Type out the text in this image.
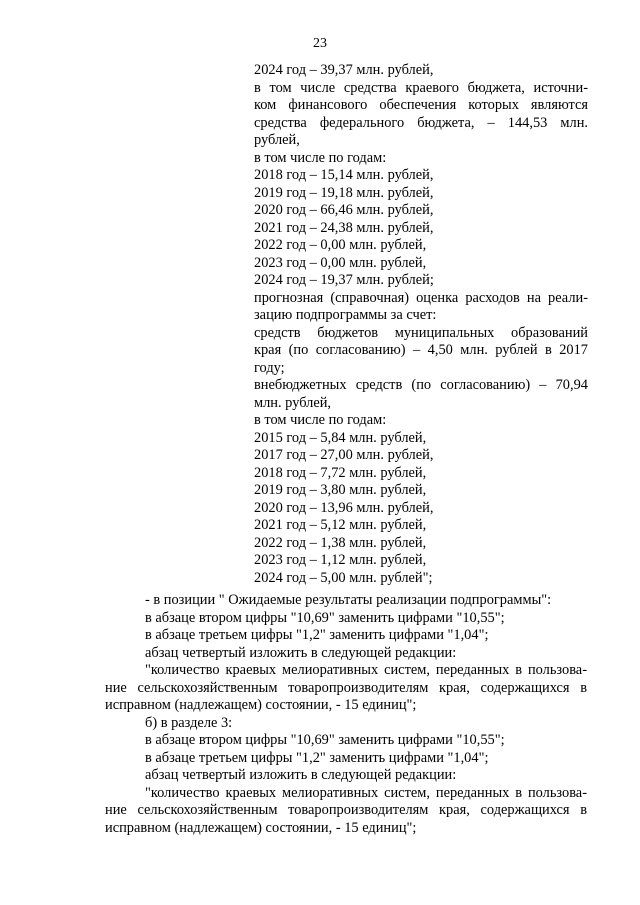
23
2024 год – 39,37 млн. рублей,
в том числе средства краевого бюджета, источни-
ком финансового обеспечения которых являются
средства федерального бюджета, – 144,53 млн.
рублей,
в том числе по годам:
2018 год – 15,14 млн. рублей,
2019 год – 19,18 млн. рублей,
2020 год – 66,46 млн. рублей,
2021 год – 24,38 млн. рублей,
2022 год – 0,00 млн. рублей,
2023 год – 0,00 млн. рублей,
2024 год – 19,37 млн. рублей;
прогнозная (справочная) оценка расходов на реали-
зацию подпрограммы за счет:
средств бюджетов муниципальных образований
края (по согласованию) – 4,50 млн. рублей в 2017
году;
внебюджетных средств (по согласованию) – 70,94
млн. рублей,
в том числе по годам:
2015 год – 5,84 млн. рублей,
2017 год – 27,00 млн. рублей,
2018 год – 7,72 млн. рублей,
2019 год – 3,80 млн. рублей,
2020 год – 13,96 млн. рублей,
2021 год – 5,12 млн. рублей,
2022 год – 1,38 млн. рублей,
2023 год – 1,12 млн. рублей,
2024 год – 5,00 млн. рублей";
- в позиции " Ожидаемые результаты реализации подпрограммы":
в абзаце втором цифры "10,69" заменить цифрами "10,55";
в абзаце третьем цифры "1,2" заменить цифрами "1,04";
абзац четвертый изложить в следующей редакции:
"количество краевых мелиоративных систем, переданных в пользова-
ние сельскохозяйственным товаропроизводителям края, содержащихся в
исправном (надлежащем) состоянии, - 15 единиц";
б) в разделе 3:
в абзаце втором цифры "10,69" заменить цифрами "10,55";
в абзаце третьем цифры "1,2" заменить цифрами "1,04";
абзац четвертый изложить в следующей редакции:
"количество краевых мелиоративных систем, переданных в пользова-
ние сельскохозяйственным товаропроизводителям края, содержащихся в
исправном (надлежащем) состоянии, - 15 единиц";
